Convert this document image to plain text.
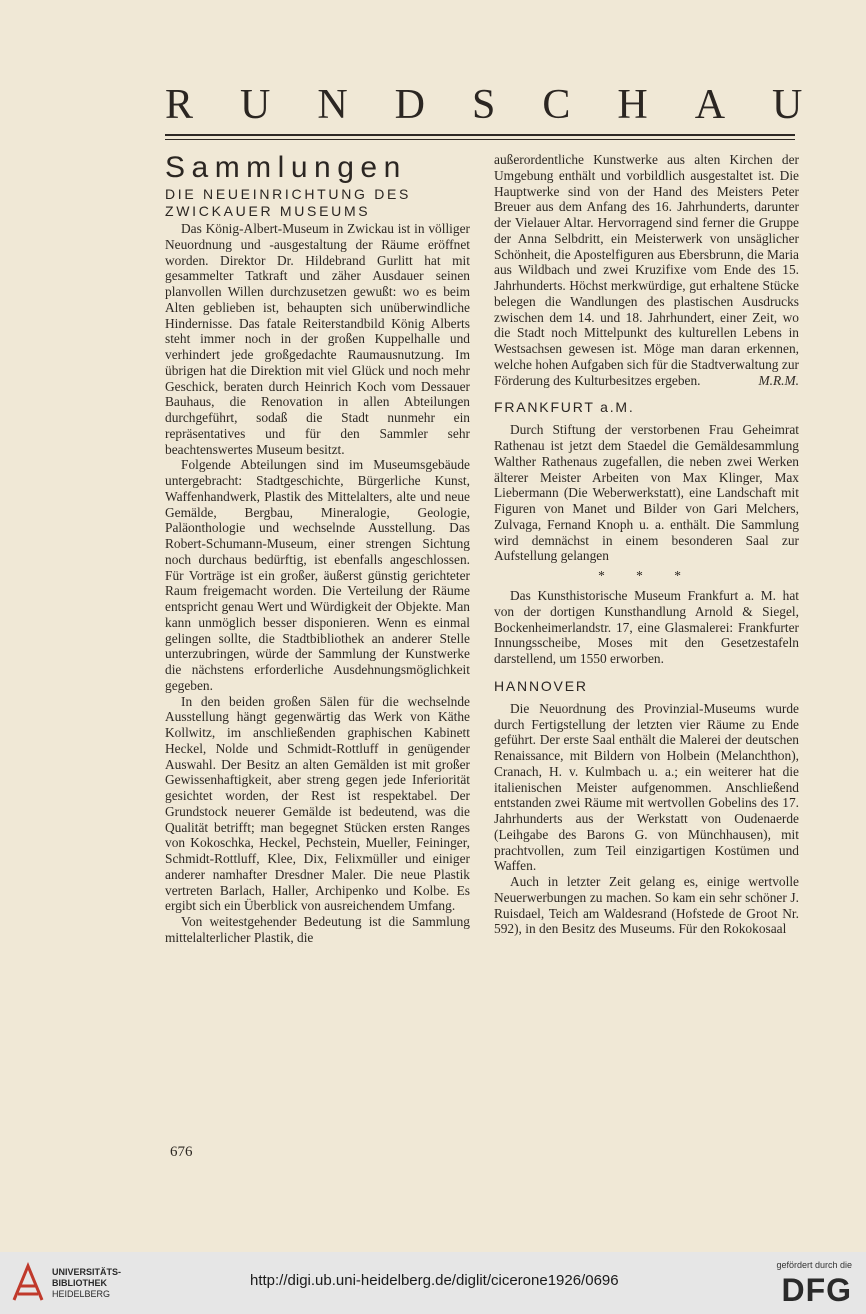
RUNDSCHAU
Sammlungen
DIE NEUEINRICHTUNG DES ZWICKAUER MUSEUMS

Das König-Albert-Museum in Zwickau ist in völliger Neuordnung und -ausgestaltung der Räume eröffnet worden. Direktor Dr. Hildebrand Gurlitt hat mit gesammelter Tatkraft und zäher Ausdauer seinen planvollen Willen durchzusetzen gewußt: wo es beim Alten geblieben ist, behaupten sich unüberwindliche Hindernisse. Das fatale Reiterstandbild König Alberts steht immer noch in der großen Kuppelhalle und verhindert jede großgedachte Raumausnutzung. Im übrigen hat die Direktion mit viel Glück und noch mehr Geschick, beraten durch Heinrich Koch vom Dessauer Bauhaus, die Renovation in allen Abteilungen durchgeführt, sodaß die Stadt nunmehr ein repräsentatives und für den Sammler sehr beachtenswertes Museum besitzt.

Folgende Abteilungen sind im Museumsgebäude untergebracht: Stadtgeschichte, Bürgerliche Kunst, Waffenhandwerk, Plastik des Mittelalters, alte und neue Gemälde, Bergbau, Mineralogie, Geologie, Paläonthologie und wechselnde Ausstellung. Das Robert-Schumann-Museum, einer strengen Sichtung noch durchaus bedürftig, ist ebenfalls angeschlossen. Für Vorträge ist ein großer, äußerst günstig gerichteter Raum freigemacht worden. Die Verteilung der Räume entspricht genau Wert und Würdigkeit der Objekte. Man kann unmöglich besser disponieren. Wenn es einmal gelingen sollte, die Stadtbibliothek an anderer Stelle unterzubringen, würde der Sammlung der Kunstwerke die nächstens erforderliche Ausdehnungsmöglichkeit gegeben.

In den beiden großen Sälen für die wechselnde Ausstellung hängt gegenwärtig das Werk von Käthe Kollwitz, im anschließenden graphischen Kabinett Heckel, Nolde und Schmidt-Rottluff in genügender Auswahl. Der Besitz an alten Gemälden ist mit großer Gewissenhaftigkeit, aber streng gegen jede Inferiorität gesichtet worden, der Rest ist respektabel. Der Grundstock neuerer Gemälde ist bedeutend, was die Qualität betrifft; man begegnet Stücken ersten Ranges von Kokoschka, Heckel, Pechstein, Mueller, Feininger, Schmidt-Rottluff, Klee, Dix, Felixmüller und einiger anderer namhafter Dresdner Maler. Die neue Plastik vertreten Barlach, Haller, Archipenko und Kolbe. Es ergibt sich ein Überblick von ausreichendem Umfang.

Von weitestgehender Bedeutung ist die Sammlung mittelalterlicher Plastik, die

außerordentliche Kunstwerke aus alten Kirchen der Umgebung enthält und vorbildlich ausgestaltet ist. Die Hauptwerke sind von der Hand des Meisters Peter Breuer aus dem Anfang des 16. Jahrhunderts, darunter der Vielauer Altar. Hervorragend sind ferner die Gruppe der Anna Selbdritt, ein Meisterwerk von unsäglicher Schönheit, die Apostelfiguren aus Ebersbrunn, die Maria aus Wildbach und zwei Kruzifixe vom Ende des 15. Jahrhunderts. Höchst merkwürdige, gut erhaltene Stücke belegen die Wandlungen des plastischen Ausdrucks zwischen dem 14. und 18. Jahrhundert, einer Zeit, wo die Stadt noch Mittelpunkt des kulturellen Lebens in Westsachsen gewesen ist. Möge man daran erkennen, welche hohen Aufgaben sich für die Stadtverwaltung zur Förderung des Kulturbesitzes ergeben.	M.R.M.

FRANKFURT a.M.

Durch Stiftung der verstorbenen Frau Geheimrat Rathenau ist jetzt dem Staedel die Gemäldesammlung Walther Rathenaus zugefallen, die neben zwei Werken älterer Meister Arbeiten von Max Klinger, Max Liebermann (Die Weberwerkstatt), eine Landschaft mit Figuren von Manet und Bilder von Gari Melchers, Zulvaga, Fernand Knoph u. a. enthält. Die Sammlung wird demnächst in einem besonderen Saal zur Aufstellung gelangen

* * *

Das Kunsthistorische Museum Frankfurt a. M. hat von der dortigen Kunsthandlung Arnold & Siegel, Bockenheimerlandstr. 17, eine Glasmalerei: Frankfurter Innungsscheibe, Moses mit den Gesetzestafeln darstellend, um 1550 erworben.

HANNOVER

Die Neuordnung des Provinzial-Museums wurde durch Fertigstellung der letzten vier Räume zu Ende geführt. Der erste Saal enthält die Malerei der deutschen Renaissance, mit Bildern von Holbein (Melanchthon), Cranach, H. v. Kulmbach u. a.; ein weiterer hat die italienischen Meister aufgenommen. Anschließend entstanden zwei Räume mit wertvollen Gobelins des 17. Jahrhunderts aus der Werkstatt von Oudenaerde (Leihgabe des Barons G. von Münchhausen), mit prachtvollen, zum Teil einzigartigen Kostümen und Waffen.

Auch in letzter Zeit gelang es, einige wertvolle Neuerwerbungen zu machen. So kam ein sehr schöner J. Ruisdael, Teich am Waldesrand (Hofstede de Groot Nr. 592), in den Besitz des Museums. Für den Rokokosaal

676
UNIVERSITÄTS-
BIBLIOTHEK
HEIDELBERG
http://digi.ub.uni-heidelberg.de/diglit/cicerone1926/0696
gefördert durch die
DFG
